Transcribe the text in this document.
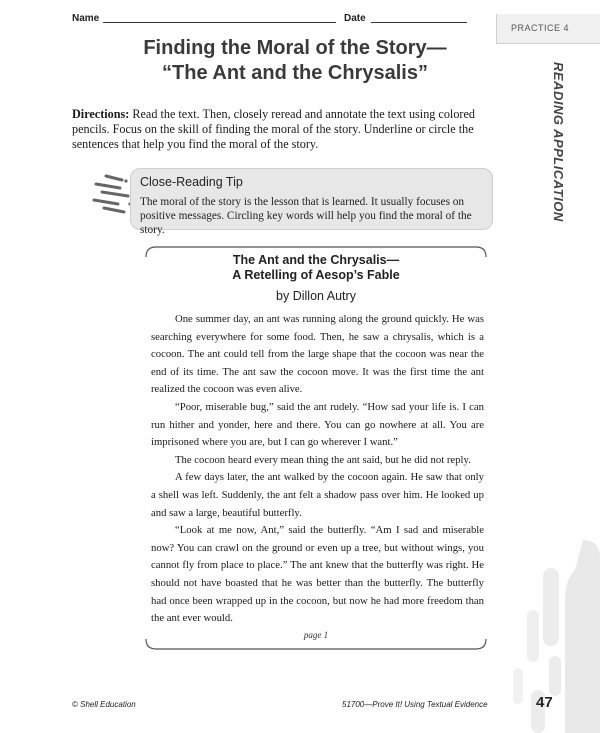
Name	Date
PRACTICE 4
READING APPLICATION
Finding the Moral of the Story—
“The Ant and the Chrysalis”
Directions: Read the text. Then, closely reread and annotate the text using colored pencils. Focus on the skill of finding the moral of the story. Underline or circle the sentences that help you find the moral of the story.
Close-Reading Tip
The moral of the story is the lesson that is learned. It usually focuses on positive messages. Circling key words will help you find the moral of the story.
The Ant and the Chrysalis—
A Retelling of Aesop’s Fable
by Dillon Autry

One summer day, an ant was running along the ground quickly. He was searching everywhere for some food. Then, he saw a chrysalis, which is a cocoon. The ant could tell from the large shape that the cocoon was near the end of its time. The ant saw the cocoon move. It was the first time the ant realized the cocoon was even alive.

“Poor, miserable bug,” said the ant rudely. “How sad your life is. I can run hither and yonder, here and there. You can go nowhere at all. You are imprisoned where you are, but I can go wherever I want.”

The cocoon heard every mean thing the ant said, but he did not reply.

A few days later, the ant walked by the cocoon again. He saw that only a shell was left. Suddenly, the ant felt a shadow pass over him. He looked up and saw a large, beautiful butterfly.

“Look at me now, Ant,” said the butterfly. “Am I sad and miserable now? You can crawl on the ground or even up a tree, but without wings, you cannot fly from place to place.” The ant knew that the butterfly was right. He should not have boasted that he was better than the butterfly. The butterfly had once been wrapped up in the cocoon, but now he had more freedom than the ant ever would.

page 1
© Shell Education	51700—Prove It! Using Textual Evidence	47
